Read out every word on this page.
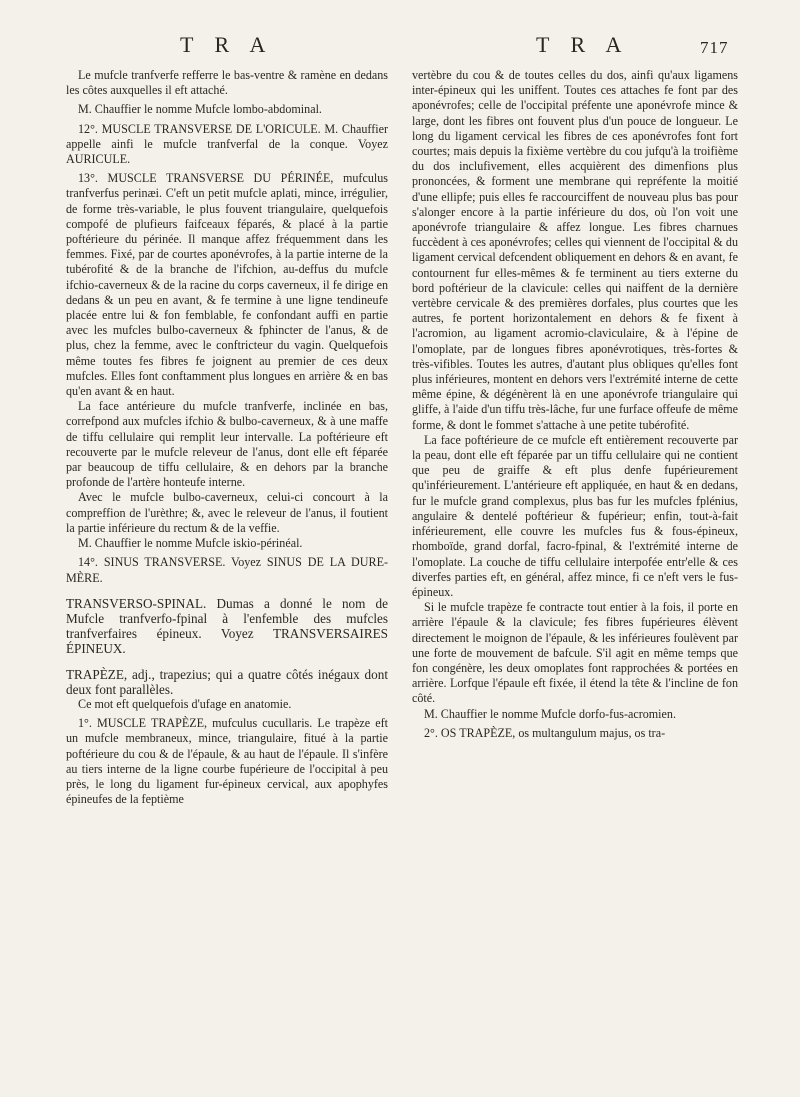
T R A	T R A	717

Le mufcle tranfverfe refferre le bas-ventre & ramène en dedans les côtes auxquelles il eft attaché.

M. Chauffier le nomme Mufcle lombo-abdominal.

12°. MUSCLE TRANSVERSE DE L'ORICULE. M. Chauffier appelle ainfi le mufcle tranfverfal de la conque. Voyez AURICULE.

13°. MUSCLE TRANSVERSE DU PÉRINÉE, mufculus tranfverfus perinæi. C'eft un petit mufcle aplati, mince, irrégulier, de forme très-variable, le plus fouvent triangulaire, quelquefois compofé de plufieurs faifceaux féparés, & placé à la partie poftérieure du périnée. Il manque affez fréquemment dans les femmes. Fixé, par de courtes aponévrofes, à la partie interne de la tubérofité & de la branche de l'ifchion, au-deffus du mufcle ifchio-caverneux & de la racine du corps caverneux, il fe dirige en dedans & un peu en avant, & fe termine à une ligne tendineufe placée entre lui & fon femblable, fe confondant auffi en partie avec les mufcles bulbo-caverneux & fphincter de l'anus, & de plus, chez la femme, avec le conftricteur du vagin. Quelquefois même toutes fes fibres fe joignent au premier de ces deux mufcles. Elles font conftamment plus longues en arrière & en bas qu'en avant & en haut.

La face antérieure du mufcle tranfverfe, inclinée en bas, correfpond aux mufcles ifchio & bulbo-caverneux, & à une maffe de tiffu cellulaire qui remplit leur intervalle. La poftérieure eft recouverte par le mufcle releveur de l'anus, dont elle eft féparée par beaucoup de tiffu cellulaire, & en dehors par la branche profonde de l'artère honteufe interne.

Avec le mufcle bulbo-caverneux, celui-ci concourt à la compreffion de l'urèthre; &, avec le releveur de l'anus, il foutient la partie inférieure du rectum & de la veffie.

M. Chauffier le nomme Mufcle iskio-périnéal.

14°. SINUS TRANSVERSE. Voyez SINUS DE LA DURE-MÈRE.

TRANSVERSO-SPINAL. Dumas a donné le nom de Mufcle tranfverfo-fpinal à l'enfemble des mufcles tranfverfaires épineux. Voyez TRANSVERSAIRES ÉPINEUX.

TRAPÈZE, adj., trapezius; qui a quatre côtés inégaux dont deux font parallèles.

Ce mot eft quelquefois d'ufage en anatomie.

1°. MUSCLE TRAPÈZE, mufculus cucullaris. Le trapèze eft un mufcle membraneux, mince, triangulaire, fitué à la partie poftérieure du cou & de l'épaule, & au haut de l'épaule. Il s'infère au tiers interne de la ligne courbe fupérieure de l'occipital à peu près, le long du ligament fur-épineux cervical, aux apophyfes épineufes de la feptième

vertèbre du cou & de toutes celles du dos, ainfi qu'aux ligamens inter-épineux qui les uniffent. Toutes ces attaches fe font par des aponévrofes; celle de l'occipital préfente une aponévrofe mince & large, dont les fibres ont fouvent plus d'un pouce de longueur. Le long du ligament cervical les fibres de ces aponévrofes font fort courtes; mais depuis la fixième vertèbre du cou jufqu'à la troifième du dos inclufivement, elles acquièrent des dimenfions plus prononcées, & forment une membrane qui repréfente la moitié d'une ellipfe; puis elles fe raccourciffent de nouveau plus bas pour s'alonger encore à la partie inférieure du dos, où l'on voit une aponévrofe triangulaire & affez longue. Les fibres charnues fuccèdent à ces aponévrofes; celles qui viennent de l'occipital & du ligament cervical defcendent obliquement en dehors & en avant, fe contournent fur elles-mêmes & fe terminent au tiers externe du bord poftérieur de la clavicule: celles qui naiffent de la dernière vertèbre cervicale & des premières dorfales, plus courtes que les autres, fe portent horizontalement en dehors & fe fixent à l'acromion, au ligament acromio-claviculaire, & à l'épine de l'omoplate, par de longues fibres aponévrotiques, très-fortes & très-vifibles. Toutes les autres, d'autant plus obliques qu'elles font plus inférieures, montent en dehors vers l'extrémité interne de cette même épine, & dégénèrent là en une aponévrofe triangulaire qui gliffe, à l'aide d'un tiffu très-lâche, fur une furface offeufe de même forme, & dont le fommet s'attache à une petite tubérofité.

La face poftérieure de ce mufcle eft entièrement recouverte par la peau, dont elle eft féparée par un tiffu cellulaire qui ne contient que peu de graiffe & eft plus denfe fupérieurement qu'inférieurement. L'antérieure eft appliquée, en haut & en dedans, fur le mufcle grand complexus, plus bas fur les mufcles fplénius, angulaire & dentelé poftérieur & fupérieur; enfin, tout-à-fait inférieurement, elle couvre les mufcles fus & fous-épineux, rhomboïde, grand dorfal, facro-fpinal, & l'extrémité interne de l'omoplate. La couche de tiffu cellulaire interpofée entr'elle & ces diverfes parties eft, en général, affez mince, fi ce n'eft vers le fus-épineux.

Si le mufcle trapèze fe contracte tout entier à la fois, il porte en arrière l'épaule & la clavicule; fes fibres fupérieures élèvent directement le moignon de l'épaule, & les inférieures foulèvent par une forte de mouvement de bafcule. S'il agit en même temps que fon congénère, les deux omoplates font rapprochées & portées en arrière. Lorfque l'épaule eft fixée, il étend la tête & l'incline de fon côté.

M. Chauffier le nomme Mufcle dorfo-fus-acromien.

2°. OS TRAPÈZE, os multangulum majus, os tra-
